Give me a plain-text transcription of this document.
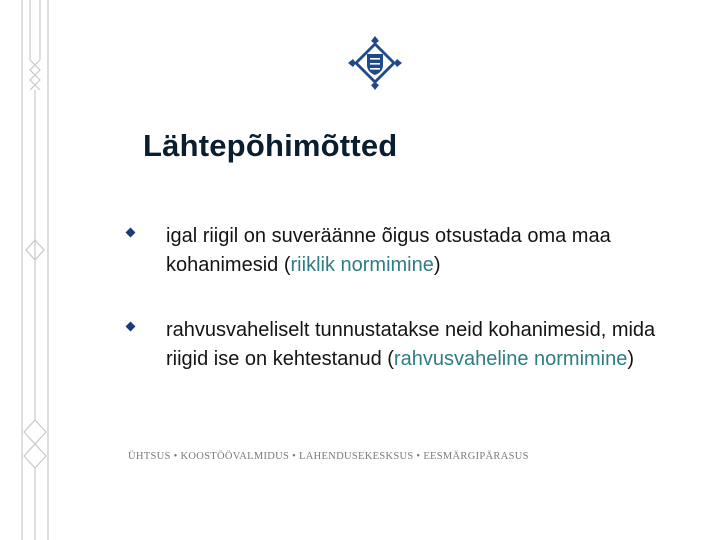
Lähtepõhimõtted
igal riigil on suveräänne õigus otsustada oma maa kohanimesid (riiklik normimine)
rahvusvaheliselt tunnustatakse neid kohanimesid, mida riigid ise on kehtestanud (rahvusvaheline normimine)
ÜHTSUS • KOOSTÖÖVALMIDUS • LAHENDUSEKESKSUS • EESMÄRGIPÄRASUS
